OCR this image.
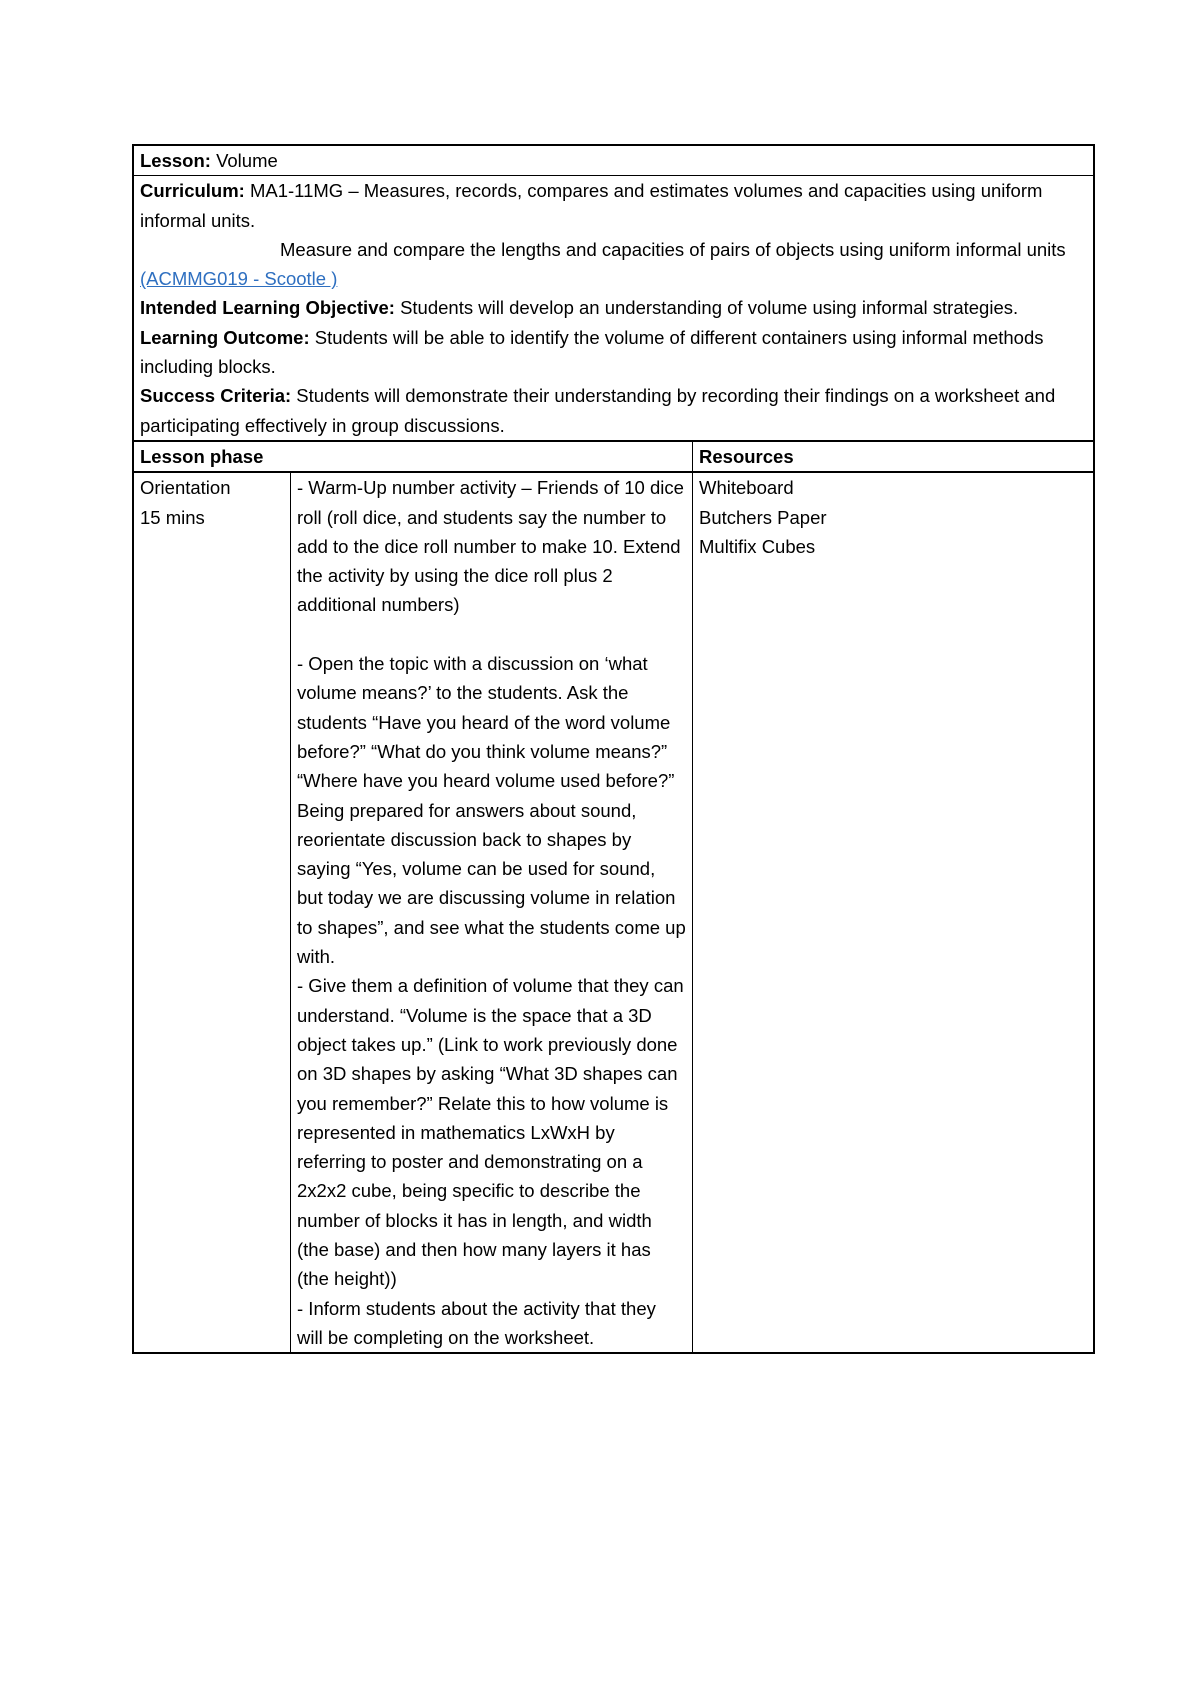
Lesson: Volume
Curriculum: MA1-11MG – Measures, records, compares and estimates volumes and capacities using uniform informal units.
Measure and compare the lengths and capacities of pairs of objects using uniform informal units (ACMMG019 - Scootle )
Intended Learning Objective: Students will develop an understanding of volume using informal strategies.
Learning Outcome: Students will be able to identify the volume of different containers using informal methods including blocks.
Success Criteria: Students will demonstrate their understanding by recording their findings on a worksheet and participating effectively in group discussions.
Lesson phase	Resources
Orientation
15 mins
- Warm-Up number activity – Friends of 10 dice roll (roll dice, and students say the number to add to the dice roll number to make 10. Extend the activity by using the dice roll plus 2 additional numbers)
- Open the topic with a discussion on ‘what volume means?’ to the students. Ask the students “Have you heard of the word volume before?” “What do you think volume means?” “Where have you heard volume used before?” Being prepared for answers about sound, reorientate discussion back to shapes by saying “Yes, volume can be used for sound, but today we are discussing volume in relation to shapes”, and see what the students come up with.
- Give them a definition of volume that they can understand. “Volume is the space that a 3D object takes up.” (Link to work previously done on 3D shapes by asking “What 3D shapes can you remember?” Relate this to how volume is represented in mathematics LxWxH by referring to poster and demonstrating on a 2x2x2 cube, being specific to describe the number of blocks it has in length, and width (the base) and then how many layers it has (the height))
- Inform students about the activity that they will be completing on the worksheet.
Whiteboard
Butchers Paper
Multifix Cubes
